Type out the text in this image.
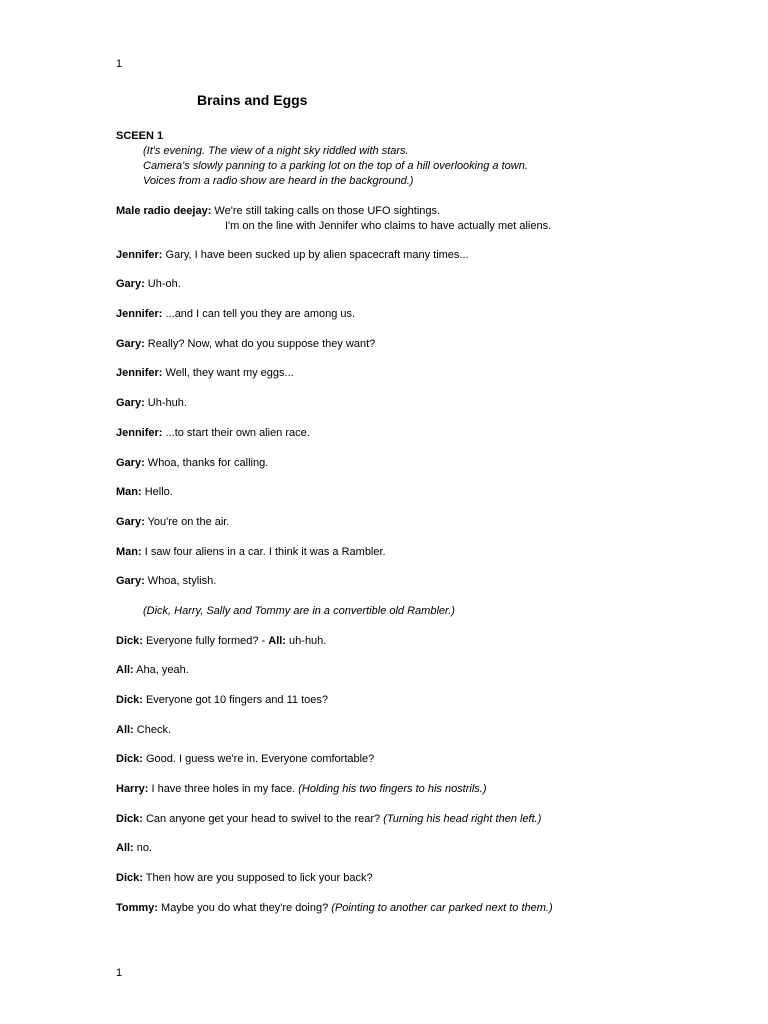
1
Brains and Eggs
SCEEN 1
(It's evening. The view of a night sky riddled with stars.
Camera's slowly panning to a parking lot on the top of a hill overlooking a town.
Voices from a radio show are heard in the background.)
Male radio deejay: We're still taking calls on those UFO sightings.
I'm on the line with Jennifer who claims to have actually met aliens.
Jennifer: Gary, I have been sucked up by alien spacecraft many times...
Gary: Uh-oh.
Jennifer: ...and I can tell you they are among us.
Gary: Really? Now, what do you suppose they want?
Jennifer: Well, they want my eggs...
Gary: Uh-huh.
Jennifer: ...to start their own alien race.
Gary: Whoa, thanks for calling.
Man: Hello.
Gary: You're on the air.
Man: I saw four aliens in a car. I think it was a Rambler.
Gary: Whoa, stylish.
(Dick, Harry, Sally and Tommy are in a convertible old Rambler.)
Dick: Everyone fully formed? - All: uh-huh.
All: Aha, yeah.
Dick: Everyone got 10 fingers and 11 toes?
All: Check.
Dick: Good. I guess we're in. Everyone comfortable?
Harry: I have three holes in my face. (Holding his two fingers to his nostrils.)
Dick: Can anyone get your head to swivel to the rear? (Turning his head right then left.)
All: no.
Dick: Then how are you supposed to lick your back?
Tommy: Maybe you do what they're doing? (Pointing to another car parked next to them.)
1
